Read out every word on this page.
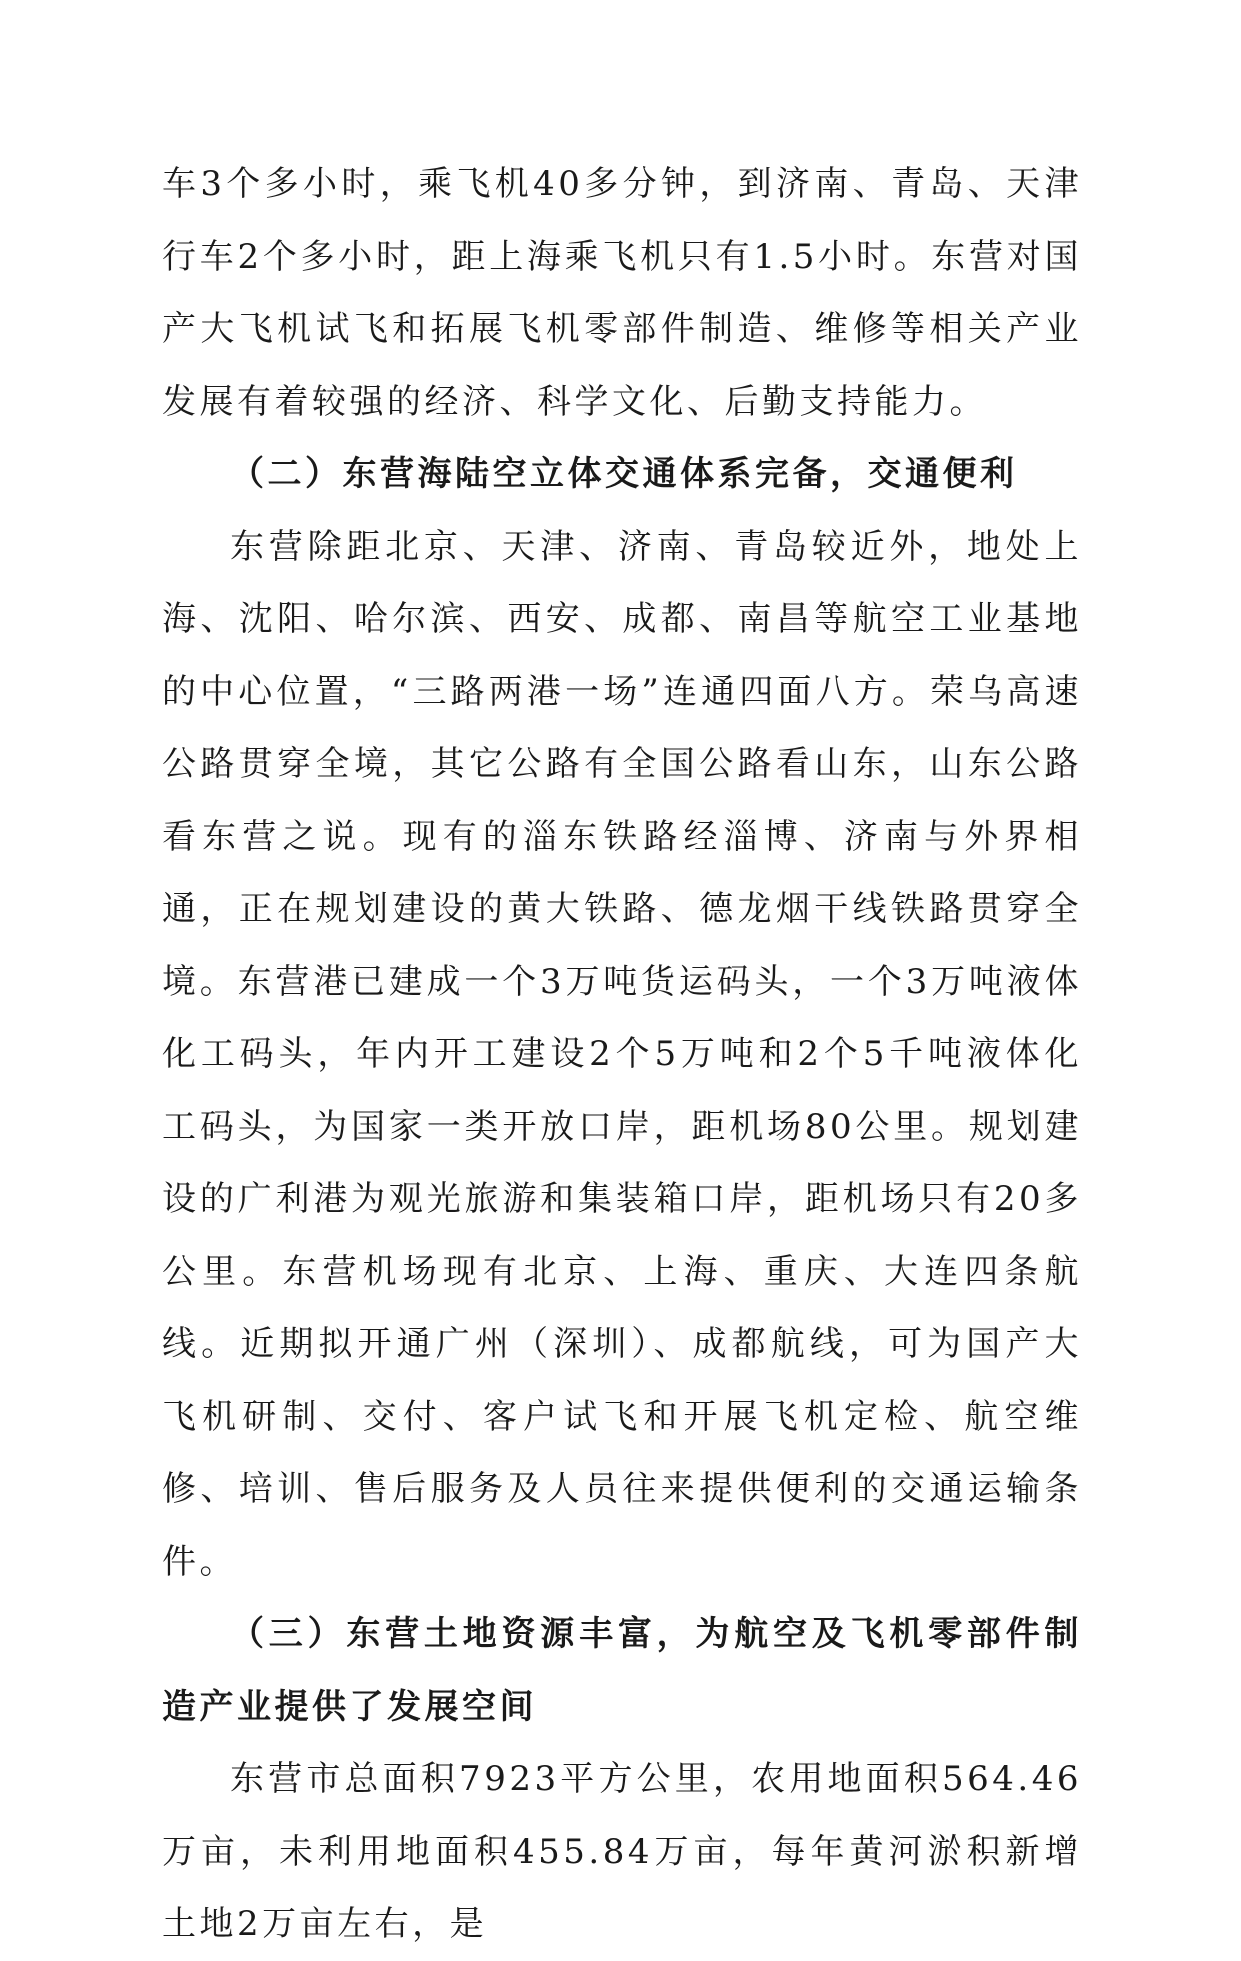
车3个多小时，乘飞机40多分钟，到济南、青岛、天津行车2个多小时，距上海乘飞机只有1.5小时。东营对国产大飞机试飞和拓展飞机零部件制造、维修等相关产业发展有着较强的经济、科学文化、后勤支持能力。

（二）东营海陆空立体交通体系完备，交通便利

东营除距北京、天津、济南、青岛较近外，地处上海、沈阳、哈尔滨、西安、成都、南昌等航空工业基地的中心位置，“三路两港一场”连通四面八方。荣乌高速公路贯穿全境，其它公路有全国公路看山东，山东公路看东营之说。现有的淄东铁路经淄博、济南与外界相通，正在规划建设的黄大铁路、德龙烟干线铁路贯穿全境。东营港已建成一个3万吨货运码头，一个3万吨液体化工码头，年内开工建设2个5万吨和2个5千吨液体化工码头，为国家一类开放口岸，距机场80公里。规划建设的广利港为观光旅游和集装箱口岸，距机场只有20多公里。东营机场现有北京、上海、重庆、大连四条航线。近期拟开通广州（深圳）、成都航线，可为国产大飞机研制、交付、客户试飞和开展飞机定检、航空维修、培训、售后服务及人员往来提供便利的交通运输条件。

（三）东营土地资源丰富，为航空及飞机零部件制造产业提供了发展空间

东营市总面积7923平方公里，农用地面积564.46万亩，未利用地面积455.84万亩，每年黄河淤积新增土地2万亩左右，是
